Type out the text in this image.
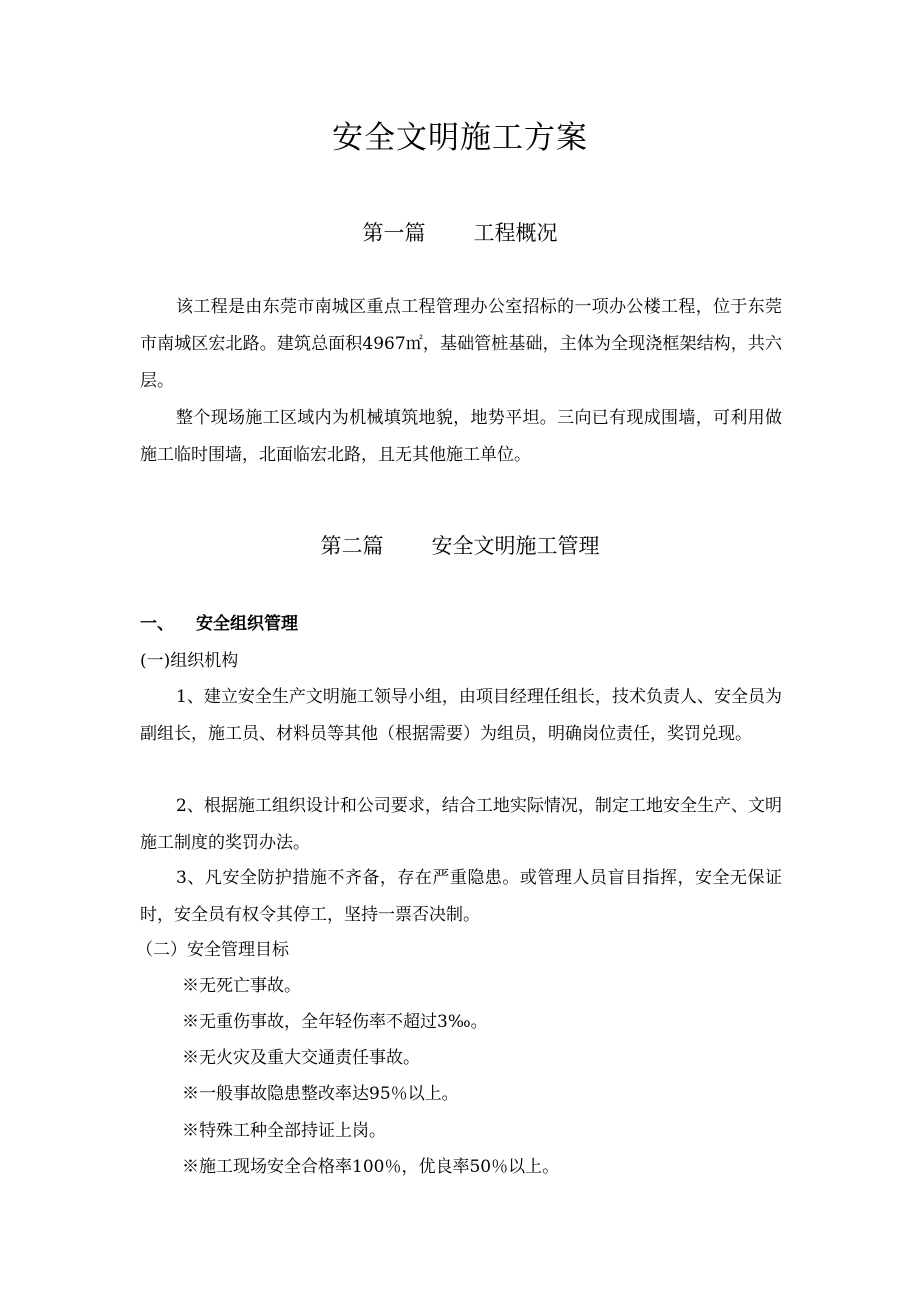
安全文明施工方案
第一篇 工程概况
该工程是由东莞市南城区重点工程管理办公室招标的一项办公楼工程，位于东莞市南城区宏北路。建筑总面积4967㎡，基础管桩基础，主体为全现浇框架结构，共六层。
整个现场施工区域内为机械填筑地貌，地势平坦。三向已有现成围墙，可利用做施工临时围墙，北面临宏北路，且无其他施工单位。
第二篇 安全文明施工管理
一、 安全组织管理
(一)组织机构
1、建立安全生产文明施工领导小组，由项目经理任组长，技术负责人、安全员为副组长，施工员、材料员等其他（根据需要）为组员，明确岗位责任，奖罚兑现。
2、根据施工组织设计和公司要求，结合工地实际情况，制定工地安全生产、文明施工制度的奖罚办法。
3、凡安全防护措施不齐备，存在严重隐患。或管理人员盲目指挥，安全无保证时，安全员有权令其停工，坚持一票否决制。
（二）安全管理目标
※无死亡事故。
※无重伤事故，全年轻伤率不超过3‰。
※无火灾及重大交通责任事故。
※一般事故隐患整改率达95％以上。
※特殊工种全部持证上岗。
※施工现场安全合格率100％，优良率50％以上。
